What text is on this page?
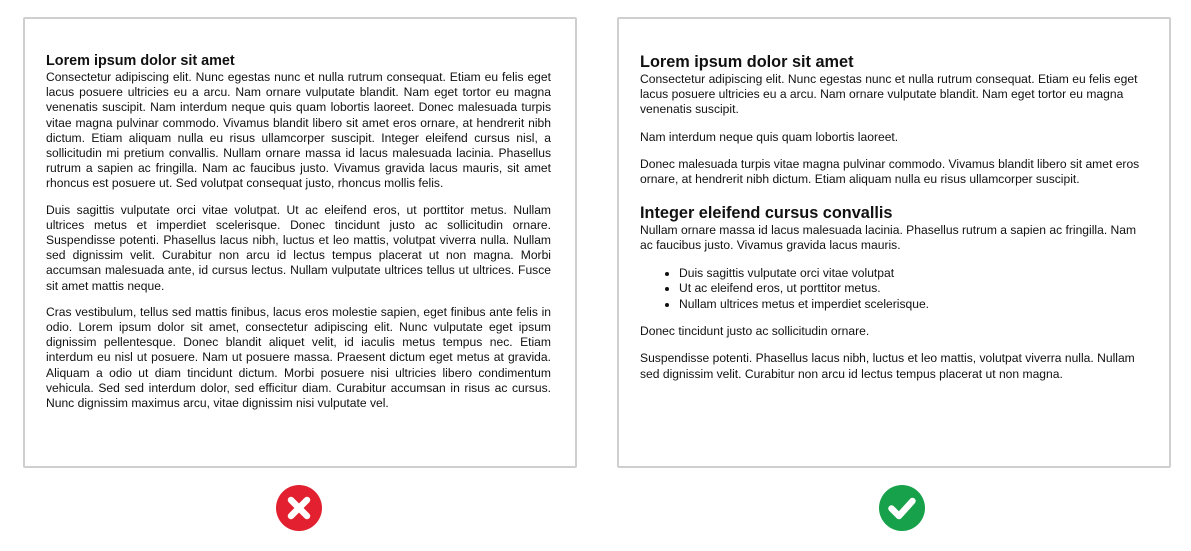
Lorem ipsum dolor sit amet

Consectetur adipiscing elit. Nunc egestas nunc et nulla rutrum consequat. Etiam eu felis eget lacus posuere ultricies eu a arcu. Nam ornare vulputate blandit. Nam eget tortor eu magna venenatis suscipit. Nam interdum neque quis quam lobortis laoreet. Donec malesuada turpis vitae magna pulvinar commodo. Vivamus blandit libero sit amet eros ornare, at hendrerit nibh dictum. Etiam aliquam nulla eu risus ullamcorper suscipit. Integer eleifend cursus nisl, a sollicitudin mi pretium convallis. Nullam ornare massa id lacus malesuada lacinia. Phasellus rutrum a sapien ac fringilla. Nam ac faucibus justo. Vivamus gravida lacus mauris, sit amet rhoncus est posuere ut. Sed volutpat consequat justo, rhoncus mollis felis.

Duis sagittis vulputate orci vitae volutpat. Ut ac eleifend eros, ut porttitor metus. Nullam ultrices metus et imperdiet scelerisque. Donec tincidunt justo ac sollicitudin ornare. Suspendisse potenti. Phasellus lacus nibh, luctus et leo mattis, volutpat viverra nulla. Nullam sed dignissim velit. Curabitur non arcu id lectus tempus placerat ut non magna. Morbi accumsan malesuada ante, id cursus lectus. Nullam vulputate ultrices tellus ut ultrices. Fusce sit amet mattis neque.

Cras vestibulum, tellus sed mattis finibus, lacus eros molestie sapien, eget finibus ante felis in odio. Lorem ipsum dolor sit amet, consectetur adipiscing elit. Nunc vulputate eget ipsum dignissim pellentesque. Donec blandit aliquet velit, id iaculis metus tempus nec. Etiam interdum eu nisl ut posuere. Nam ut posuere massa. Praesent dictum eget metus at gravida. Aliquam a odio ut diam tincidunt dictum. Morbi posuere nisi ultricies libero condimentum vehicula. Sed sed interdum dolor, sed efficitur diam. Curabitur accumsan in risus ac cursus. Nunc dignissim maximus arcu, vitae dignissim nisi vulputate vel.

Lorem ipsum dolor sit amet

Consectetur adipiscing elit. Nunc egestas nunc et nulla rutrum consequat. Etiam eu felis eget lacus posuere ultricies eu a arcu. Nam ornare vulputate blandit. Nam eget tortor eu magna venenatis suscipit.

Nam interdum neque quis quam lobortis laoreet.

Donec malesuada turpis vitae magna pulvinar commodo. Vivamus blandit libero sit amet eros ornare, at hendrerit nibh dictum. Etiam aliquam nulla eu risus ullamcorper suscipit.

Integer eleifend cursus convallis

Nullam ornare massa id lacus malesuada lacinia. Phasellus rutrum a sapien ac fringilla. Nam ac faucibus justo. Vivamus gravida lacus mauris.

• Duis sagittis vulputate orci vitae volutpat
• Ut ac eleifend eros, ut porttitor metus.
• Nullam ultrices metus et imperdiet scelerisque.

Donec tincidunt justo ac sollicitudin ornare.

Suspendisse potenti. Phasellus lacus nibh, luctus et leo mattis, volutpat viverra nulla. Nullam sed dignissim velit. Curabitur non arcu id lectus tempus placerat ut non magna.
